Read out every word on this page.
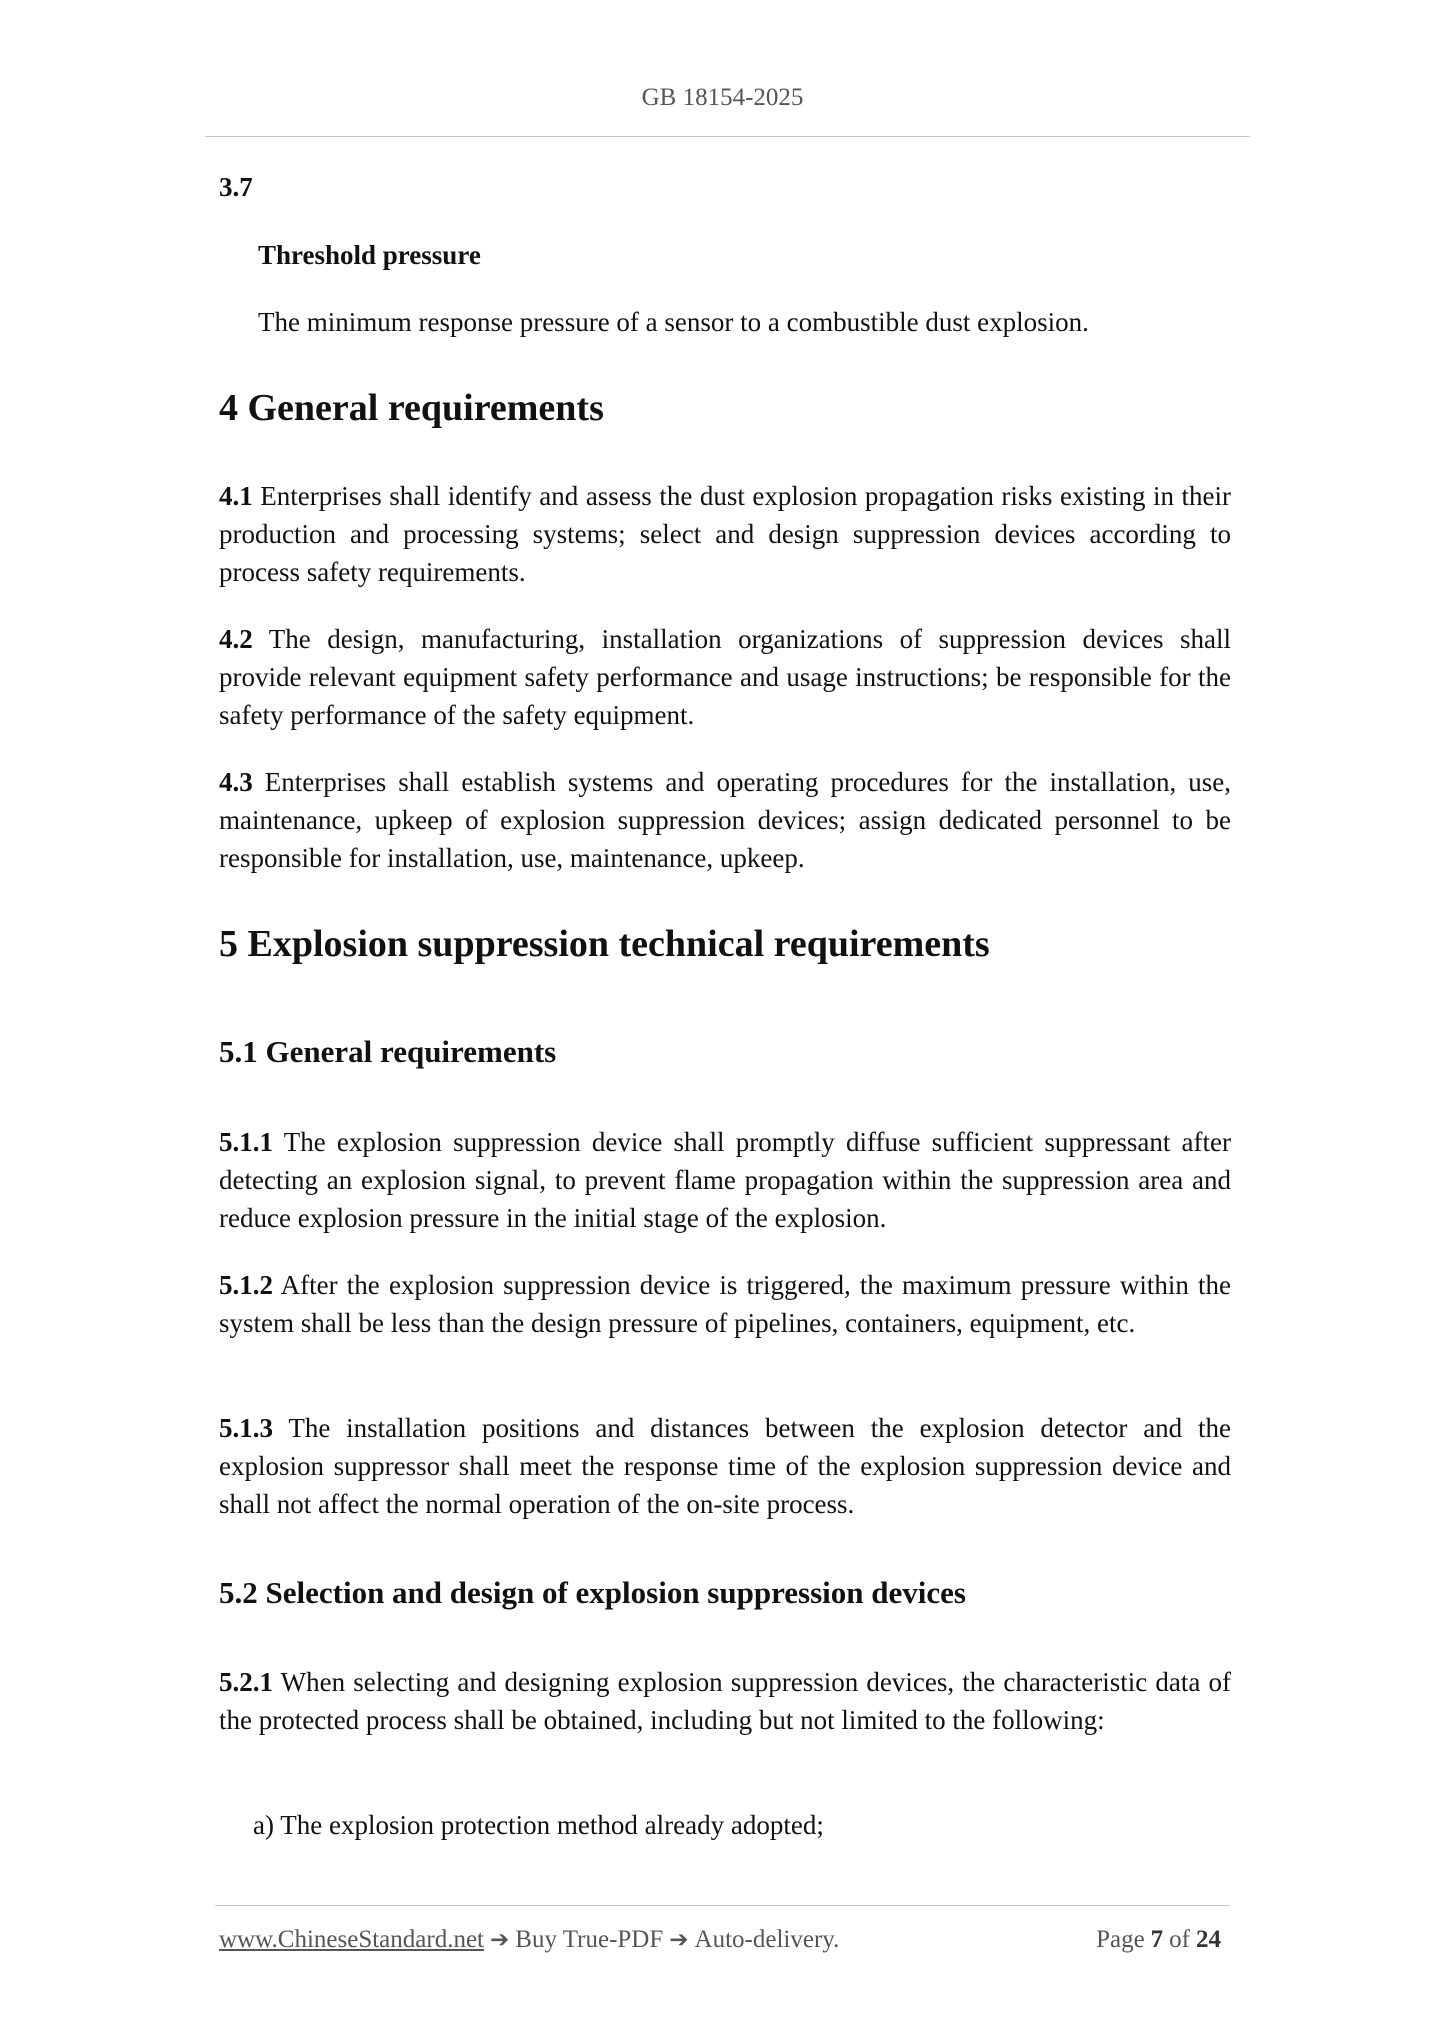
GB 18154-2025
3.7
Threshold pressure
The minimum response pressure of a sensor to a combustible dust explosion.
4 General requirements
4.1 Enterprises shall identify and assess the dust explosion propagation risks existing in their production and processing systems; select and design suppression devices according to process safety requirements.
4.2 The design, manufacturing, installation organizations of suppression devices shall provide relevant equipment safety performance and usage instructions; be responsible for the safety performance of the safety equipment.
4.3 Enterprises shall establish systems and operating procedures for the installation, use, maintenance, upkeep of explosion suppression devices; assign dedicated personnel to be responsible for installation, use, maintenance, upkeep.
5 Explosion suppression technical requirements
5.1 General requirements
5.1.1 The explosion suppression device shall promptly diffuse sufficient suppressant after detecting an explosion signal, to prevent flame propagation within the suppression area and reduce explosion pressure in the initial stage of the explosion.
5.1.2 After the explosion suppression device is triggered, the maximum pressure within the system shall be less than the design pressure of pipelines, containers, equipment, etc.
5.1.3 The installation positions and distances between the explosion detector and the explosion suppressor shall meet the response time of the explosion suppression device and shall not affect the normal operation of the on-site process.
5.2 Selection and design of explosion suppression devices
5.2.1 When selecting and designing explosion suppression devices, the characteristic data of the protected process shall be obtained, including but not limited to the following:
a) The explosion protection method already adopted;
www.ChineseStandard.net ➔ Buy True-PDF ➔ Auto-delivery.	Page 7 of 24
